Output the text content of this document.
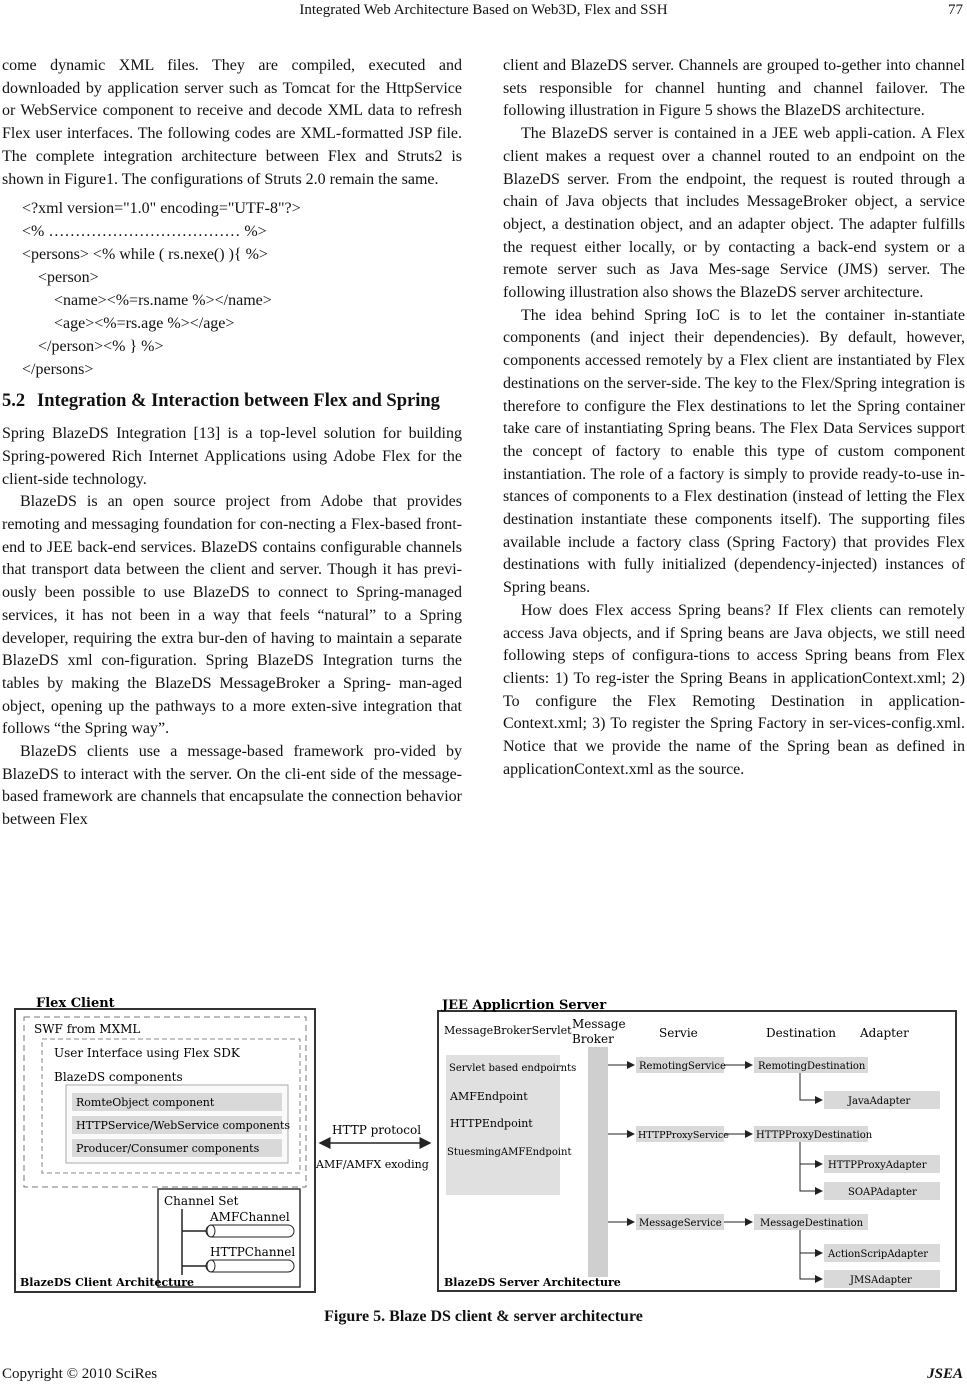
Integrated Web Architecture Based on Web3D, Flex and SSH	77

come dynamic XML files. They are compiled, executed and downloaded by application server such as Tomcat for the HttpService or WebService component to receive and decode XML data to refresh Flex user interfaces. The following codes are XML-formatted JSP file. The complete integration architecture between Flex and Struts2 is shown in Figure1. The configurations of Struts 2.0 remain the same.

<?xml version="1.0" encoding="UTF-8"?>
<% ……………………………… %>
<persons> <% while ( rs.nexe() ){ %>
<person>
<name><%=rs.name %></name>
<age><%=rs.age %></age>
</person><% } %>
</persons>
5.2 Integration & Interaction between Flex and Spring

Spring BlazeDS Integration [13] is a top-level solution for building Spring-powered Rich Internet Applications using Adobe Flex for the client-side technology.

BlazeDS is an open source project from Adobe that provides remoting and messaging foundation for con-necting a Flex-based front-end to JEE back-end services. BlazeDS contains configurable channels that transport data between the client and server. Though it has previ-ously been possible to use BlazeDS to connect to Spring-managed services, it has not been in a way that feels “natural” to a Spring developer, requiring the extra bur-den of having to maintain a separate BlazeDS xml con-figuration. Spring BlazeDS Integration turns the tables by making the BlazeDS MessageBroker a Spring- man-aged object, opening up the pathways to a more exten-sive integration that follows “the Spring way”.

BlazeDS clients use a message-based framework pro-vided by BlazeDS to interact with the server. On the cli-ent side of the message-based framework are channels that encapsulate the connection behavior between Flex

client and BlazeDS server. Channels are grouped to-gether into channel sets responsible for channel hunting and channel failover. The following illustration in Figure 5 shows the BlazeDS architecture.

The BlazeDS server is contained in a JEE web appli-cation. A Flex client makes a request over a channel routed to an endpoint on the BlazeDS server. From the endpoint, the request is routed through a chain of Java objects that includes MessageBroker object, a service object, a destination object, and an adapter object. The adapter fulfills the request either locally, or by contacting a back-end system or a remote server such as Java Mes-sage Service (JMS) server. The following illustration also shows the BlazeDS server architecture.

The idea behind Spring IoC is to let the container in-stantiate components (and inject their dependencies). By default, however, components accessed remotely by a Flex client are instantiated by Flex destinations on the server-side. The key to the Flex/Spring integration is therefore to configure the Flex destinations to let the Spring container take care of instantiating Spring beans. The Flex Data Services support the concept of factory to enable this type of custom component instantiation. The role of a factory is simply to provide ready-to-use in-stances of components to a Flex destination (instead of letting the Flex destination instantiate these components itself). The supporting files available include a factory class (Spring Factory) that provides Flex destinations with fully initialized (dependency-injected) instances of Spring beans.

How does Flex access Spring beans? If Flex clients can remotely access Java objects, and if Spring beans are Java objects, we still need following steps of configura-tions to access Spring beans from Flex clients: 1) To reg-ister the Spring Beans in applicationContext.xml; 2) To configure the Flex Remoting Destination in application-Context.xml; 3) To register the Spring Factory in ser-vices-config.xml. Notice that we provide the name of the Spring bean as defined in applicationContext.xml as the source.

Flex Client
SWF from MXML
User Interface using Flex SDK
BlazeDS components
RomteObject component
HTTPService/WebService components
Producer/Consumer components
Channel Set
AMFChannel
HTTPChannel
BlazeDS Client Architecture
HTTP protocol
AMF/AMFX exoding
JEE Applicrtion Server
MessageBrokerServlet Message
Broker	Servie	Destination Adapter
Servlet based endpoirnts
AMFEndpoint
HTTPEndpoint
StuesmingAMFEndpoint
RemotingService
HTTPProxyService
MessageService
RemotingDestination
HTTPProxyDestination
MessageDestination
JavaAdapter
HTTPProxyAdapter
SOAPAdapter
ActionScripAdapter
JMSAdapter
BlazeDS Server Architecture
Figure 5. Blaze DS client & server architecture
Copyright © 2010 SciRes	JSEA
